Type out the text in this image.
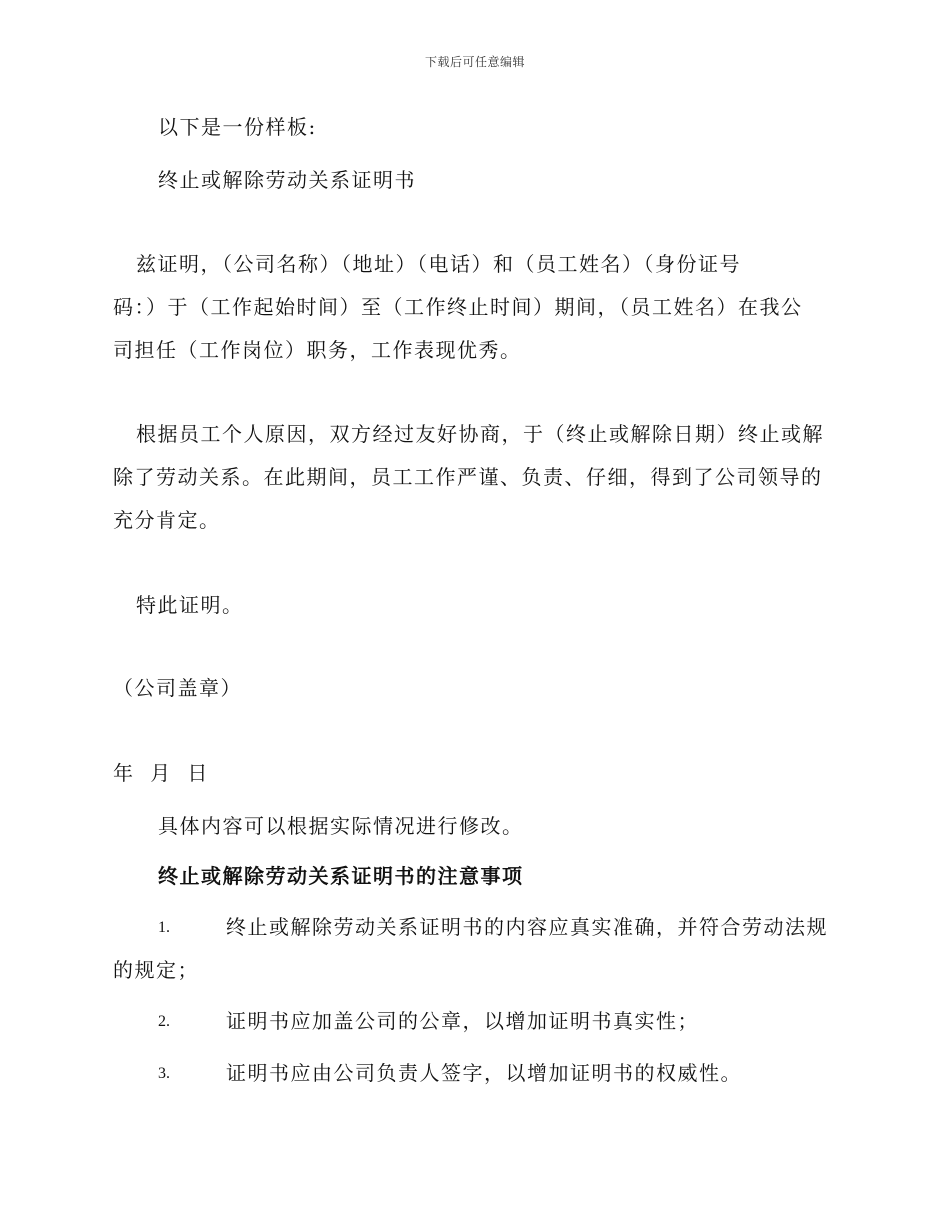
下载后可任意编辑
以下是一份样板:
终止或解除劳动关系证明书
兹证明，（公司名称）（地址）（电话）和（员工姓名）（身份证号
码：）于（工作起始时间）至（工作终止时间）期间，（员工姓名）在我公
司担任（工作岗位）职务，工作表现优秀。
根据员工个人原因，双方经过友好协商，于（终止或解除日期）终止或解
除了劳动关系。在此期间，员工工作严谨、负责、仔细，得到了公司领导的
充分肯定。
特此证明。
（公司盖章）
年  月  日
具体内容可以根据实际情况进行修改。
终止或解除劳动关系证明书的注意事项
1.	终止或解除劳动关系证明书的内容应真实准确，并符合劳动法规
的规定；
2.	证明书应加盖公司的公章，以增加证明书真实性；
3.	证明书应由公司负责人签字，以增加证明书的权威性。
